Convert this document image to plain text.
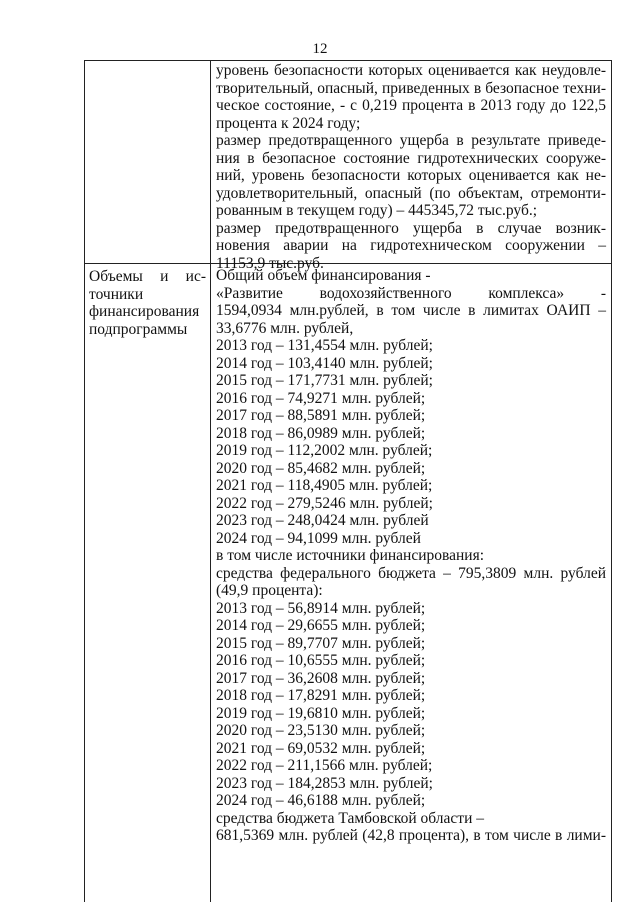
12
уровень безопасности которых оценивается как неудовле-
творительный, опасный, приведенных в безопасное техни-
ческое состояние, - с 0,219 процента в 2013 году до 122,5
процента к 2024 году;
размер предотвращенного ущерба в результате приведе-
ния в безопасное состояние гидротехнических сооруже-
ний, уровень безопасности которых оценивается как не-
удовлетворительный, опасный (по объектам, отремонти-
рованным в текущем году) – 445345,72 тыс.руб.;
размер предотвращенного ущерба в случае возник-
новения аварии на гидротехническом сооружении –
11153,9 тыс.руб.
Объемы и ис-
точники
финансирования
подпрограммы
Общий объем финансирования -
«Развитие водохозяйственного комплекса» -
1594,0934 млн.рублей, в том числе в лимитах ОАИП –
33,6776 млн. рублей,
2013 год – 131,4554 млн. рублей;
2014 год – 103,4140 млн. рублей;
2015 год – 171,7731 млн. рублей;
2016 год – 74,9271 млн. рублей;
2017 год – 88,5891 млн. рублей;
2018 год – 86,0989 млн. рублей;
2019 год – 112,2002 млн. рублей;
2020 год – 85,4682 млн. рублей;
2021 год – 118,4905 млн. рублей;
2022 год – 279,5246 млн. рублей;
2023 год – 248,0424 млн. рублей
2024 год – 94,1099 млн. рублей
в том числе источники финансирования:
средства федерального бюджета – 795,3809 млн. рублей
(49,9 процента):
2013 год – 56,8914 млн. рублей;
2014 год – 29,6655 млн. рублей;
2015 год – 89,7707 млн. рублей;
2016 год – 10,6555 млн. рублей;
2017 год – 36,2608 млн. рублей;
2018 год – 17,8291 млн. рублей;
2019 год – 19,6810 млн. рублей;
2020 год – 23,5130 млн. рублей;
2021 год – 69,0532 млн. рублей;
2022 год – 211,1566 млн. рублей;
2023 год – 184,2853 млн. рублей;
2024 год – 46,6188 млн. рублей;
средства бюджета Тамбовской области –
681,5369 млн. рублей (42,8 процента), в том числе в лими-
